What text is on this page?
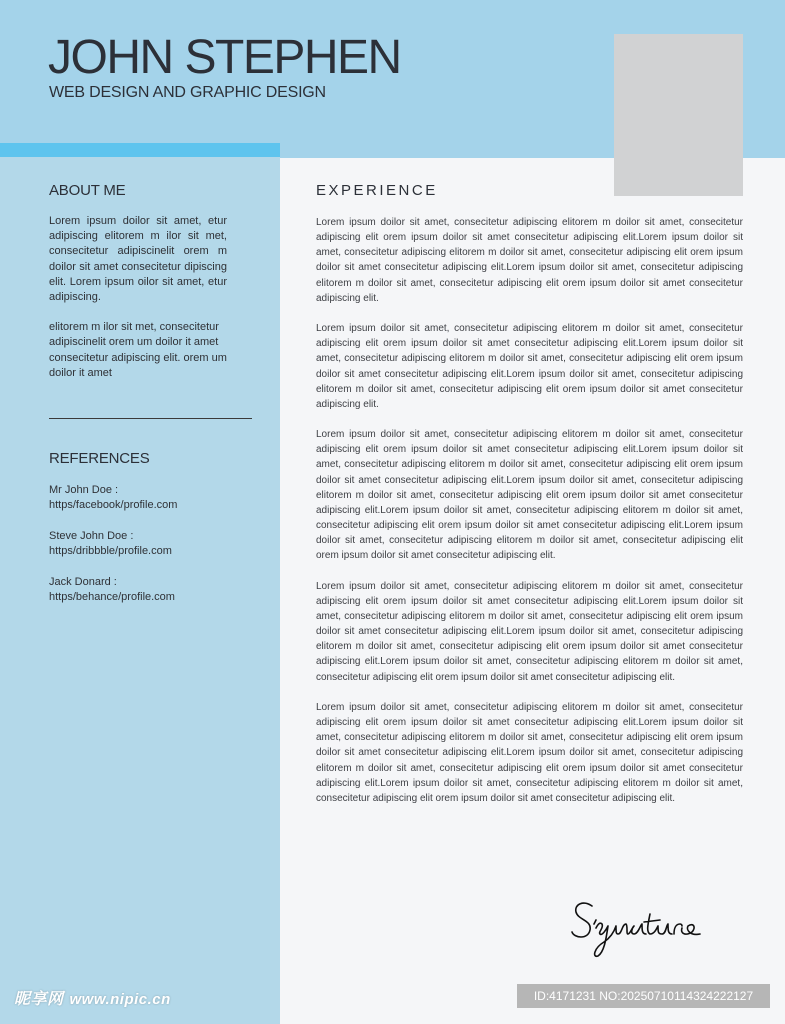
JOHN STEPHEN
WEB DESIGN AND GRAPHIC DESIGN
ABOUT ME

Lorem ipsum doilor sit amet, etur adipiscing elitorem m ilor sit met, consecitetur adipiscinelit orem m doilor sit amet consecitetur dipiscing elit. Lorem ipsum oilor sit amet, etur adipiscing.

elitorem m ilor sit met, consecitetur adipiscinelit orem um doilor it amet consecitetur adipiscing elit. orem um doilor it amet

REFERENCES
Mr John Doe :
https/facebook/profile.com
Steve John Doe :
https/dribbble/profile.com
Jack Donard :
https/behance/profile.com
EXPERIENCE

Lorem ipsum doilor sit amet, consecitetur adipiscing elitorem m doilor sit amet, consecitetur adipiscing elit orem ipsum doilor sit amet consecitetur adipiscing elit.Lorem ipsum doilor sit amet, consecitetur adipiscing elitorem m doilor sit amet, consecitetur adipiscing elit orem ipsum doilor sit amet consecitetur adipiscing elit.Lorem ipsum doilor sit amet, consecitetur adipiscing elitorem m doilor sit amet, consecitetur adipiscing elit orem ipsum doilor sit amet consecitetur adipiscing elit.

Lorem ipsum doilor sit amet, consecitetur adipiscing elitorem m doilor sit amet, consecitetur adipiscing elit orem ipsum doilor sit amet consecitetur adipiscing elit.Lorem ipsum doilor sit amet, consecitetur adipiscing elitorem m doilor sit amet, consecitetur adipiscing elit orem ipsum doilor sit amet consecitetur adipiscing elit.Lorem ipsum doilor sit amet, consecitetur adipiscing elitorem m doilor sit amet, consecitetur adipiscing elit orem ipsum doilor sit amet consecitetur adipiscing elit.

Lorem ipsum doilor sit amet, consecitetur adipiscing elitorem m doilor sit amet, consecitetur adipiscing elit orem ipsum doilor sit amet consecitetur adipiscing elit.Lorem ipsum doilor sit amet, consecitetur adipiscing elitorem m doilor sit amet, consecitetur adipiscing elit orem ipsum doilor sit amet consecitetur adipiscing elit.Lorem ipsum doilor sit amet, consecitetur adipiscing elitorem m doilor sit amet, consecitetur adipiscing elit orem ipsum doilor sit amet consecitetur adipiscing elit.Lorem ipsum doilor sit amet, consecitetur adipiscing elitorem m doilor sit amet, consecitetur adipiscing elit orem ipsum doilor sit amet consecitetur adipiscing elit.Lorem ipsum doilor sit amet, consecitetur adipiscing elitorem m doilor sit amet, consecitetur adipiscing elit orem ipsum doilor sit amet consecitetur adipiscing elit.

Lorem ipsum doilor sit amet, consecitetur adipiscing elitorem m doilor sit amet, consecitetur adipiscing elit orem ipsum doilor sit amet consecitetur adipiscing elit.Lorem ipsum doilor sit amet, consecitetur adipiscing elitorem m doilor sit amet, consecitetur adipiscing elit orem ipsum doilor sit amet consecitetur adipiscing elit.Lorem ipsum doilor sit amet, consecitetur adipiscing elitorem m doilor sit amet, consecitetur adipiscing elit orem ipsum doilor sit amet consecitetur adipiscing elit.Lorem ipsum doilor sit amet, consecitetur adipiscing elitorem m doilor sit amet, consecitetur adipiscing elit orem ipsum doilor sit amet consecitetur adipiscing elit.

Lorem ipsum doilor sit amet, consecitetur adipiscing elitorem m doilor sit amet, consecitetur adipiscing elit orem ipsum doilor sit amet consecitetur adipiscing elit.Lorem ipsum doilor sit amet, consecitetur adipiscing elitorem m doilor sit amet, consecitetur adipiscing elit orem ipsum doilor sit amet consecitetur adipiscing elit.Lorem ipsum doilor sit amet, consecitetur adipiscing elitorem m doilor sit amet, consecitetur adipiscing elit orem ipsum doilor sit amet consecitetur adipiscing elit.Lorem ipsum doilor sit amet, consecitetur adipiscing elitorem m doilor sit amet, consecitetur adipiscing elit orem ipsum doilor sit amet consecitetur adipiscing elit.

昵享网 www.nipic.cn	ID:4171231 NO:20250710114324222127
